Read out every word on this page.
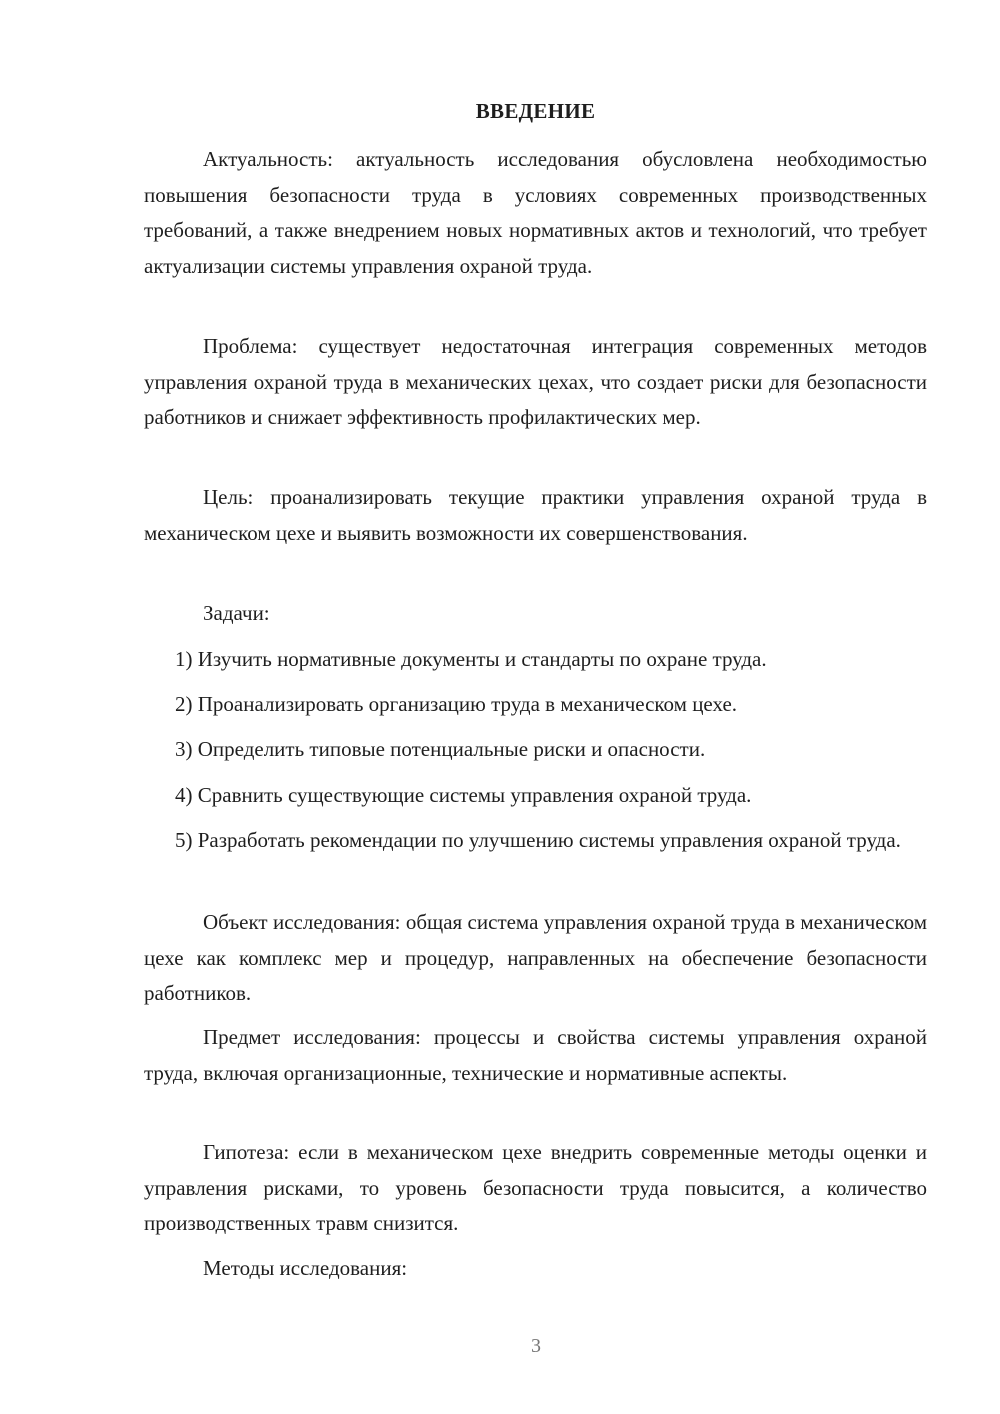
ВВЕДЕНИЕ
Актуальность: актуальность исследования обусловлена необходимостью повышения безопасности труда в условиях современных производственных требований, а также внедрением новых нормативных актов и технологий, что требует актуализации системы управления охраной труда.
Проблема: существует недостаточная интеграция современных методов управления охраной труда в механических цехах, что создает риски для безопасности работников и снижает эффективность профилактических мер.
Цель: проанализировать текущие практики управления охраной труда в механическом цехе и выявить возможности их совершенствования.
Задачи:
1) Изучить нормативные документы и стандарты по охране труда.
2) Проанализировать организацию труда в механическом цехе.
3) Определить типовые потенциальные риски и опасности.
4) Сравнить существующие системы управления охраной труда.
5) Разработать рекомендации по улучшению системы управления охраной труда.
Объект исследования: общая система управления охраной труда в механическом цехе как комплекс мер и процедур, направленных на обеспечение безопасности работников.
Предмет исследования: процессы и свойства системы управления охраной труда, включая организационные, технические и нормативные аспекты.
Гипотеза: если в механическом цехе внедрить современные методы оценки и управления рисками, то уровень безопасности труда повысится, а количество производственных травм снизится.
Методы исследования:
3
